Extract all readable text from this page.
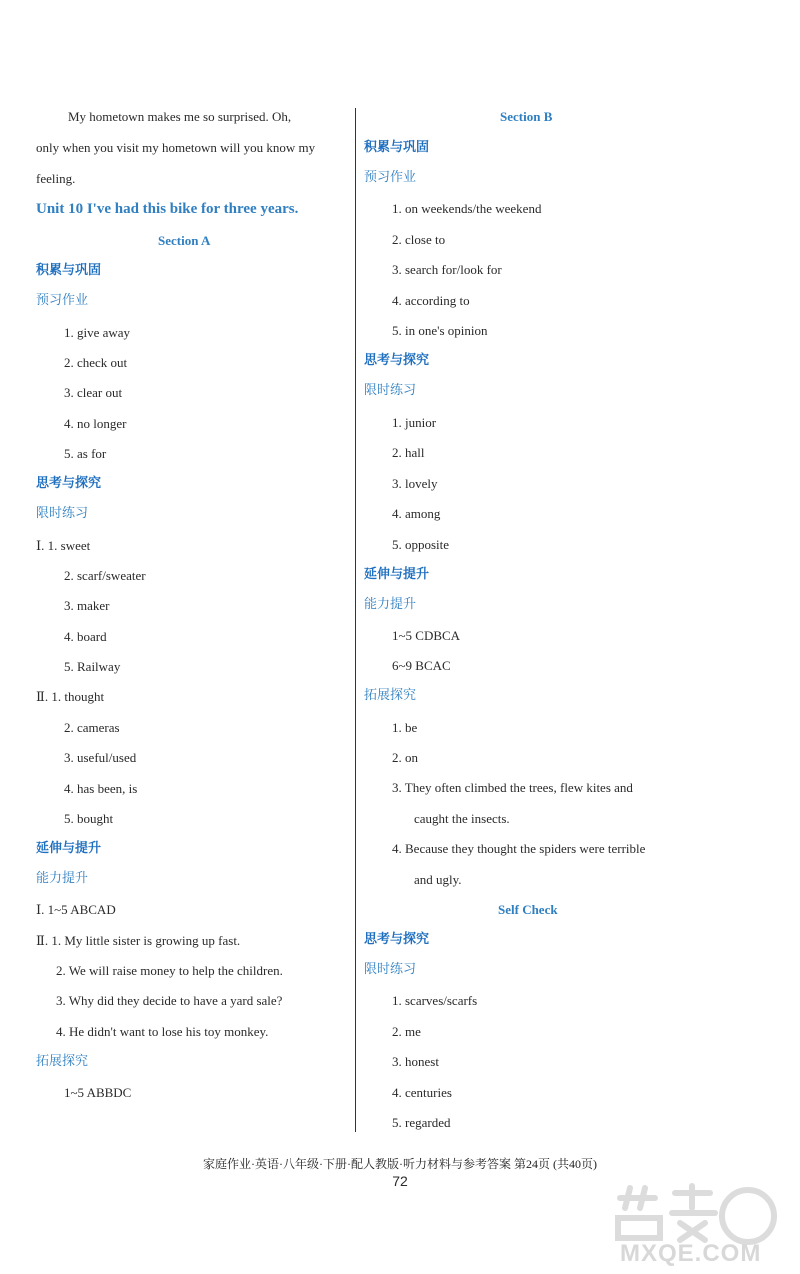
My hometown makes me so surprised. Oh,
only when you visit my hometown will you know my
feeling.
Unit 10 I've had this bike for three years.
Section A
积累与巩固
预习作业
1. give away
2. check out
3. clear out
4. no longer
5. as for
思考与探究
限时练习
Ⅰ. 1. sweet
2. scarf/sweater
3. maker
4. board
5. Railway
Ⅱ. 1. thought
2. cameras
3. useful/used
4. has been, is
5. bought
延伸与提升
能力提升
Ⅰ. 1~5 ABCAD
Ⅱ. 1. My little sister is growing up fast.
2. We will raise money to help the children.
3. Why did they decide to have a yard sale?
4. He didn't want to lose his toy monkey.
拓展探究
1~5 ABBDC
Section B
积累与巩固
预习作业
1. on weekends/the weekend
2. close to
3. search for/look for
4. according to
5. in one's opinion
思考与探究
限时练习
1. junior
2. hall
3. lovely
4. among
5. opposite
延伸与提升
能力提升
1~5 CDBCA
6~9 BCAC
拓展探究
1. be
2. on
3. They often climbed the trees, flew kites and
caught the insects.
4. Because they thought the spiders were terrible
and ugly.
Self Check
思考与探究
限时练习
1. scarves/scarfs
2. me
3. honest
4. centuries
5. regarded
家庭作业·英语·八年级·下册·配人教版·听力材料与参考答案 第24页 (共40页)
72
MXQE.COM
